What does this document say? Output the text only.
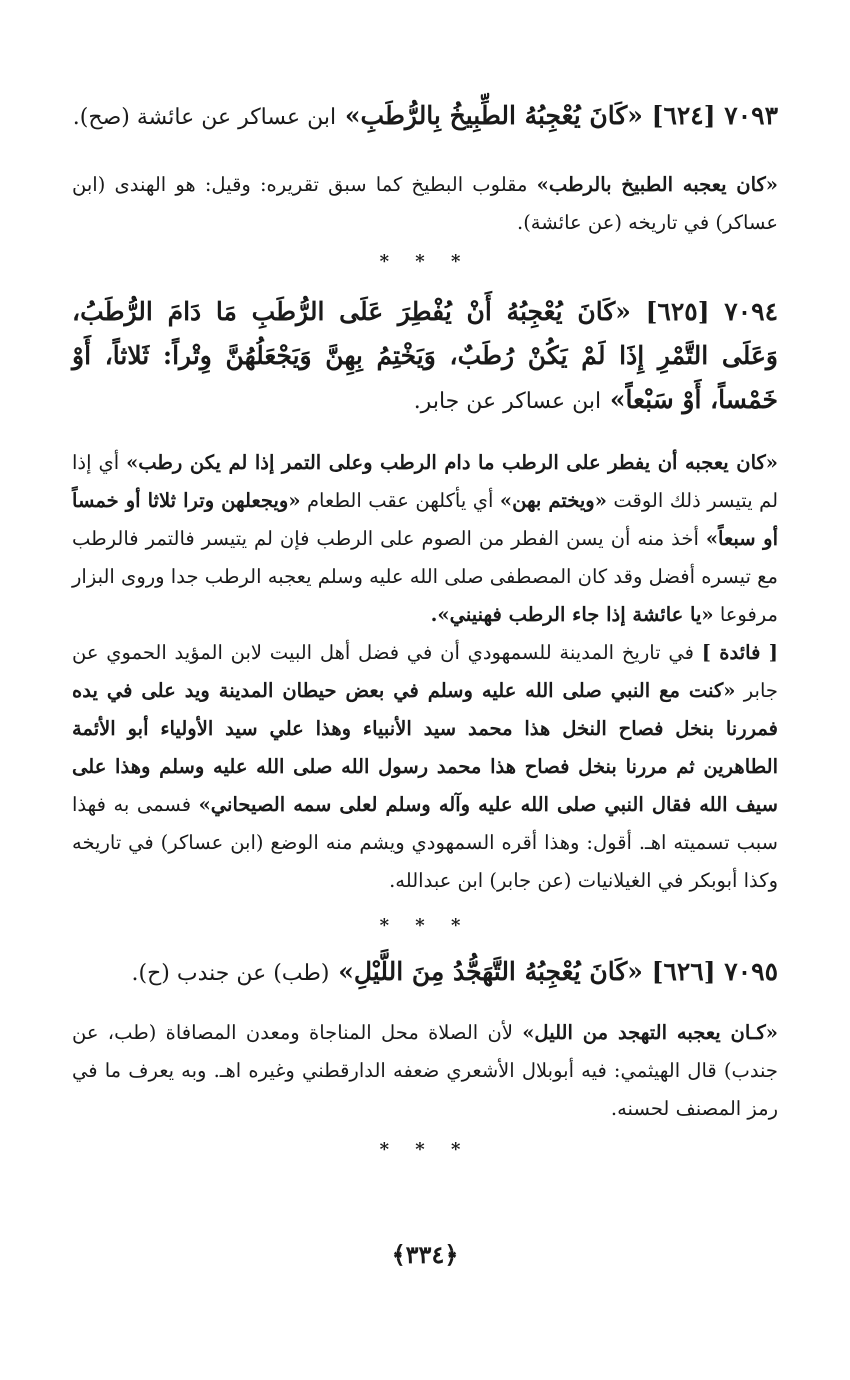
٧٠٩٣ [٦٢٤] «كَانَ يُعْجِبُهُ الطِّبِيخُ بِالرُّطَبِ» ابن عساكر عن عائشة (صح).

«كان يعجبه الطبيخ بالرطب» مقلوب البطيخ كما سبق تقريره: وقيل: هو الهندى (ابن عساكر) في تاريخه (عن عائشة).

* * *

٧٠٩٤ [٦٢٥] «كَانَ يُعْجِبُهُ أَنْ يُفْطِرَ عَلَى الرُّطَبِ مَا دَامَ الرُّطَبُ، وَعَلَى التَّمْرِ إِذَا لَمْ يَكُنْ رُطَبٌ، وَيَخْتِمُ بِهِنَّ وَيَجْعَلُهُنَّ وِتْراً: ثَلاثاً، أَوْ خَمْساً، أَوْ سَبْعاً» ابن عساكر عن جابر.

«كان يعجبه أن يفطر على الرطب ما دام الرطب وعلى التمر إذا لم يكن رطب» أي إذا لم يتيسر ذلك الوقت «ويختم بهن» أي يأكلهن عقب الطعام «ويجعلهن وترا ثلاثا أو خمساً أو سبعاً» أخذ منه أن يسن الفطر من الصوم على الرطب فإن لم يتيسر فالتمر فالرطب مع تيسره أفضل وقد كان المصطفى صلى الله عليه وسلم يعجبه الرطب جدا وروى البزار مرفوعا «يا عائشة إذا جاء الرطب فهنيني».

[ فائدة ] في تاريخ المدينة للسمهودي أن في فضل أهل البيت لابن المؤيد الحموي عن جابر «كنت مع النبي صلى الله عليه وسلم في بعض حيطان المدينة ويد على في يده فمررنا بنخل فصاح النخل هذا محمد سيد الأنبياء وهذا علي سيد الأولياء أبو الأئمة الطاهرين ثم مررنا بنخل فصاح هذا محمد رسول الله صلى الله عليه وسلم وهذا على سيف الله فقال النبي صلى الله عليه وآله وسلم لعلى سمه الصيحاني» فسمى به فهذا سبب تسميته اهـ. أقول: وهذا أقره السمهودي ويشم منه الوضع (ابن عساكر) في تاريخه وكذا أبوبكر في الغيلانيات (عن جابر) ابن عبدالله.

* * *

٧٠٩٥ [٦٢٦] «كَانَ يُعْجِبُهُ التَّهَجُّدُ مِنَ اللَّيْلِ» (طب) عن جندب (ح).

«كـان يعجبه التهجد من الليل» لأن الصلاة محل المناجاة ومعدن المصافاة (طب، عن جندب) قال الهيثمي: فيه أبوبلال الأشعري ضعفه الدارقطني وغيره اهـ. وبه يعرف ما في رمز المصنف لحسنه.

* * *

﴿٣٣٤﴾
